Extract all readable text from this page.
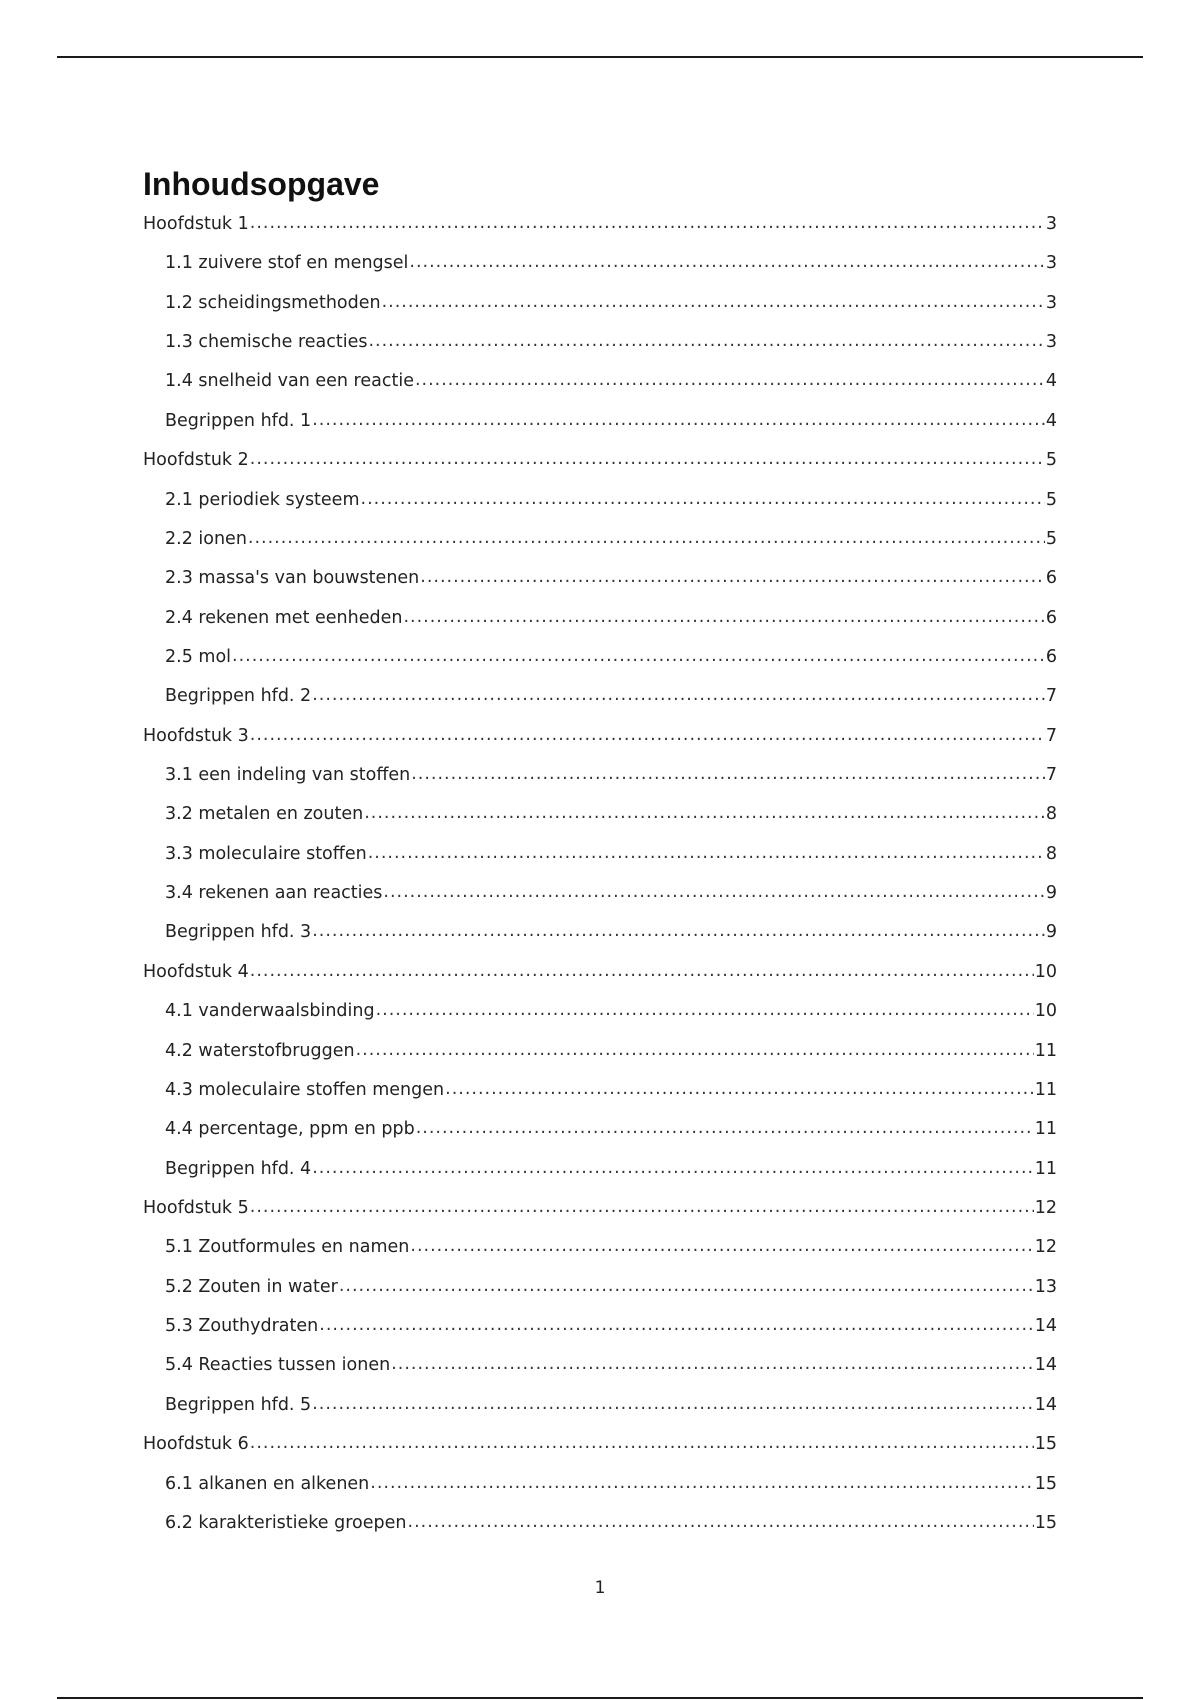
Inhoudsopgave
Hoofdstuk 1 .....	3
1.1 zuivere stof en mengsel .....	3
1.2 scheidingsmethoden .....	3
1.3 chemische reacties .....	3
1.4 snelheid van een reactie .....	4
Begrippen hfd. 1 .....	4
Hoofdstuk 2 .....	5
2.1 periodiek systeem .....	5
2.2 ionen .....	5
2.3 massa's van bouwstenen .....	6
2.4 rekenen met eenheden .....	6
2.5 mol .....	6
Begrippen hfd. 2 .....	7
Hoofdstuk 3 .....	7
3.1 een indeling van stoffen .....	7
3.2 metalen en zouten .....	8
3.3 moleculaire stoffen .....	8
3.4 rekenen aan reacties .....	9
Begrippen hfd. 3 .....	9
Hoofdstuk 4 .....	10
4.1 vanderwaalsbinding .....	10
4.2 waterstofbruggen .....	11
4.3 moleculaire stoffen mengen .....	11
4.4 percentage, ppm en ppb .....	11
Begrippen hfd. 4 .....	11
Hoofdstuk 5 .....	12
5.1 Zoutformules en namen .....	12
5.2 Zouten in water .....	13
5.3 Zouthydraten .....	14
5.4 Reacties tussen ionen .....	14
Begrippen hfd. 5 .....	14
Hoofdstuk 6 .....	15
6.1 alkanen en alkenen .....	15
6.2 karakteristieke groepen .....	15
1
